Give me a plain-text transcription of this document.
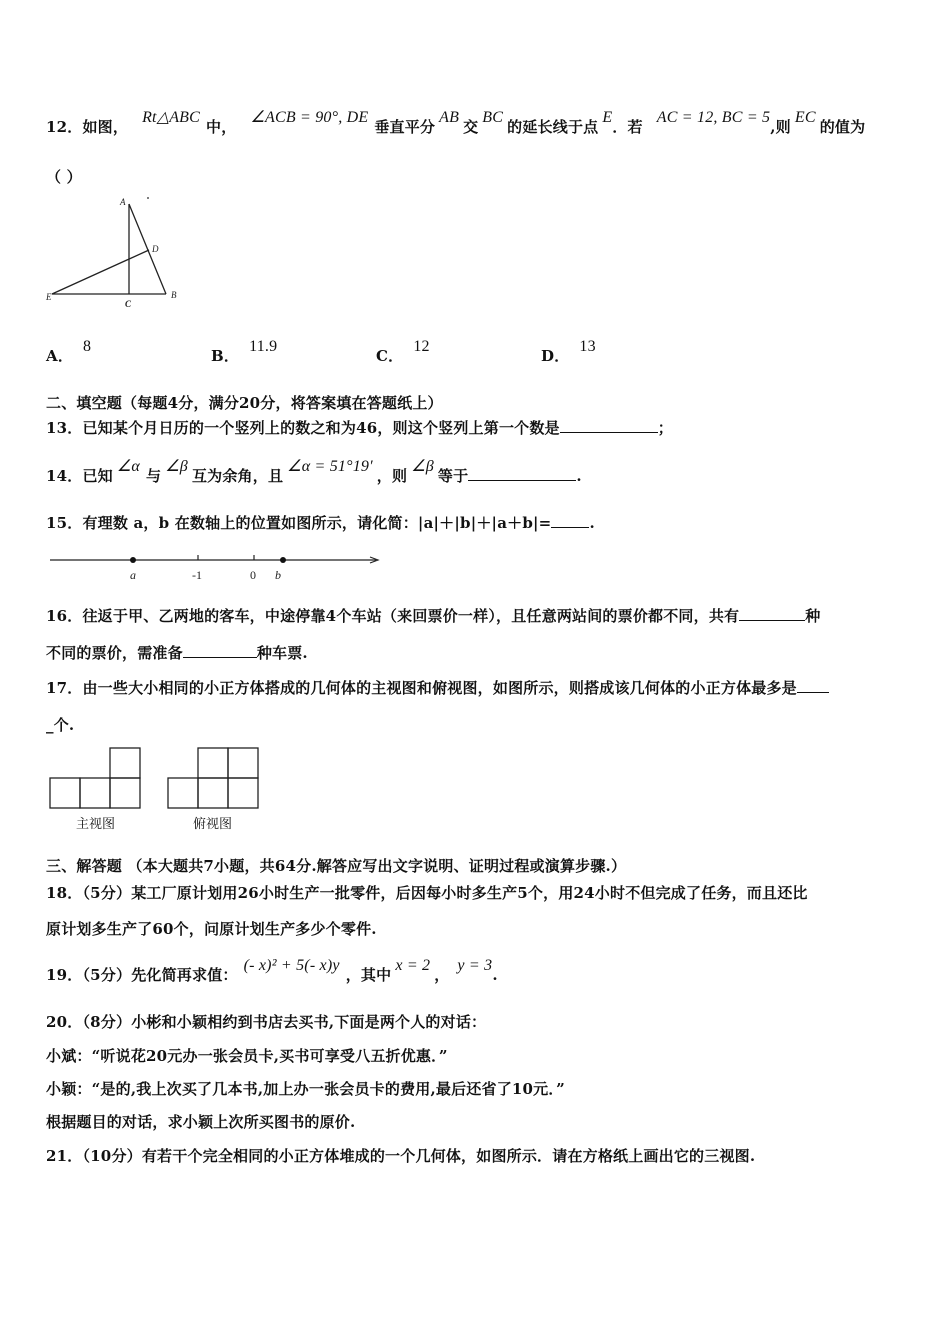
12．如图，Rt△ABC中，∠ACB = 90°, DE垂直平分AB交BC的延长线于点E．若AC = 12, BC = 5,则EC的值为
（ ）
A
D
E
C
B
A．8
B．11.9
C．12
D．13
二、填空题（每题4分，满分20分，将答案填在答题纸上）
13．已知某个月日历的一个竖列上的数之和为46，则这个竖列上第一个数是	；
14．已知∠α与∠β互为余角，且∠α = 51°19′，则∠β等于	.
15．有理数 a，b 在数轴上的位置如图所示，请化简：|a|＋|b|＋|a＋b|=	.
a	-1	0 b
16．往返于甲、乙两地的客车，中途停靠4个车站（来回票价一样），且任意两站间的票价都不同，共有	种
不同的票价，需准备	种车票.
17．由一些大小相同的小正方体搭成的几何体的主视图和俯视图，如图所示，则搭成该几何体的小正方体最多是
_个.
主视图	俯视图
三、解答题 （本大题共7小题，共64分.解答应写出文字说明、证明过程或演算步骤.）
18．（5分）某工厂原计划用26小时生产一批零件，后因每小时多生产5个，用24小时不但完成了任务，而且还比
原计划多生产了60个，问原计划生产多少个零件.
19．（5分）先化简再求值：(- x)² + 5(- x)y，其中x = 2，y = 3.
20．（8分）小彬和小颖相约到书店去买书,下面是两个人的对话：
小斌：“听说花20元办一张会员卡,买书可享受八五折优惠．”
小颖：“是的,我上次买了几本书,加上办一张会员卡的费用,最后还省了10元．”
根据题目的对话，求小颖上次所买图书的原价.
21．（10分）有若干个完全相同的小正方体堆成的一个几何体，如图所示．请在方格纸上画出它的三视图.
